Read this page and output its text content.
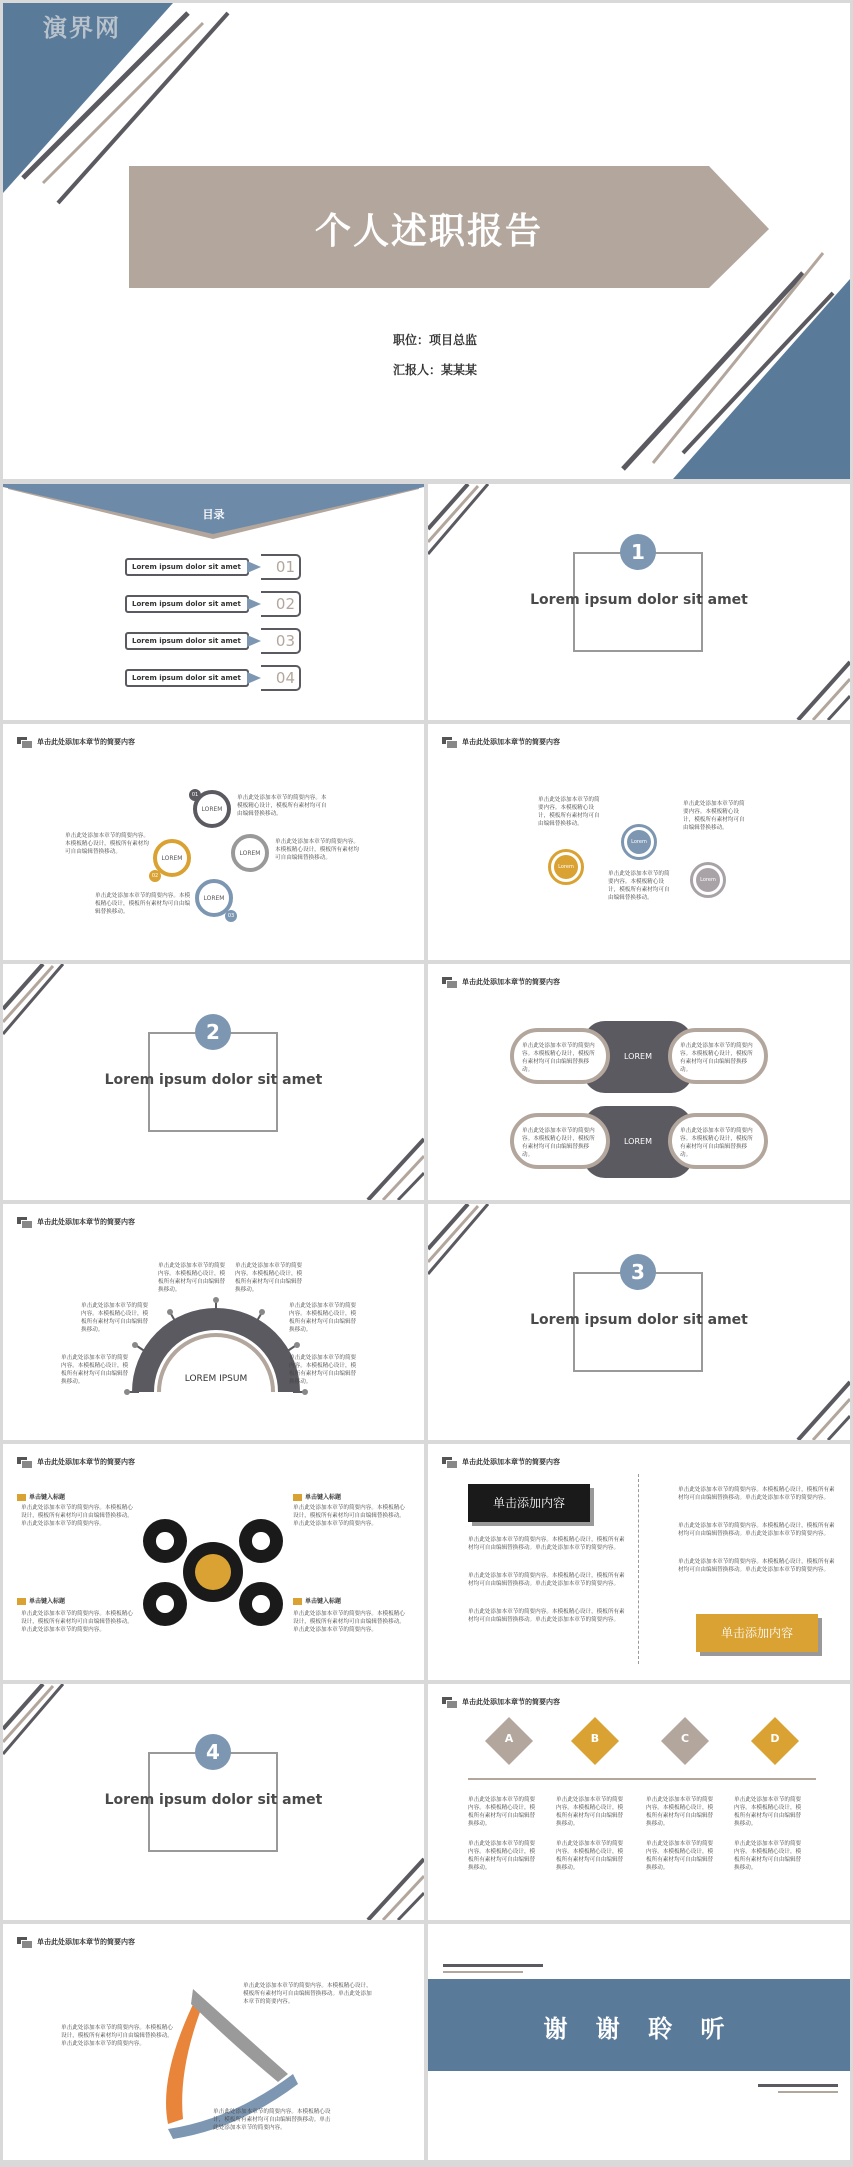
演界网
个人述职报告
职位：项目总监
汇报人：某某某
目录
Lorem ipsum dolor sit amet	01
Lorem ipsum dolor sit amet	02
Lorem ipsum dolor sit amet	03
Lorem ipsum dolor sit amet	04
1
Lorem ipsum dolor sit amet
单击此处添加本章节的简要内容
LOREM
LOREM
LOREM
LOREM
01
02
03
单击此处添加本章节的简要内容。本模板精心设计，模板所有素材均可自由编辑替换移动。
单击此处添加本章节的简要内容。本模板精心设计，模板所有素材均可自由编辑替换移动。
单击此处添加本章节的简要内容。本模板精心设计，模板所有素材均可自由编辑替换移动。
单击此处添加本章节的简要内容。本模板精心设计，模板所有素材均可自由编辑替换移动。
单击此处添加本章节的简要内容
单击此处添加本章节的简要内容。本模板精心设计，模板所有素材均可自由编辑替换移动。
单击此处添加本章节的简要内容。本模板精心设计，模板所有素材均可自由编辑替换移动。
单击此处添加本章节的简要内容。本模板精心设计，模板所有素材均可自由编辑替换移动。
Lorem
Lorem
Lorem
2
Lorem ipsum dolor sit amet
单击此处添加本章节的简要内容
LOREM
LOREM
单击此处添加本章节的简要内容。本模板精心设计，模板所有素材均可自由编辑替换移动。
单击此处添加本章节的简要内容。本模板精心设计，模板所有素材均可自由编辑替换移动。
单击此处添加本章节的简要内容。本模板精心设计，模板所有素材均可自由编辑替换移动。
单击此处添加本章节的简要内容。本模板精心设计，模板所有素材均可自由编辑替换移动。
单击此处添加本章节的简要内容
LOREM IPSUM
单击此处添加本章节的简要内容。本模板精心设计，模板所有素材均可自由编辑替换移动。
单击此处添加本章节的简要内容。本模板精心设计，模板所有素材均可自由编辑替换移动。
单击此处添加本章节的简要内容。本模板精心设计，模板所有素材均可自由编辑替换移动。
单击此处添加本章节的简要内容。本模板精心设计，模板所有素材均可自由编辑替换移动。
单击此处添加本章节的简要内容。本模板精心设计，模板所有素材均可自由编辑替换移动。
单击此处添加本章节的简要内容。本模板精心设计，模板所有素材均可自由编辑替换移动。
3
Lorem ipsum dolor sit amet
单击此处添加本章节的简要内容
单击键入标题	单击键入标题
单击键入标题	单击键入标题
单击此处添加本章节的简要内容。本模板精心设计，模板所有素材均可自由编辑替换移动。单击此处添加本章节的简要内容。
单击此处添加本章节的简要内容。本模板精心设计，模板所有素材均可自由编辑替换移动。单击此处添加本章节的简要内容。
单击此处添加本章节的简要内容。本模板精心设计，模板所有素材均可自由编辑替换移动。单击此处添加本章节的简要内容。
单击此处添加本章节的简要内容。本模板精心设计，模板所有素材均可自由编辑替换移动。单击此处添加本章节的简要内容。
单击此处添加本章节的简要内容
单击添加内容
单击添加内容
单击此处添加本章节的简要内容。本模板精心设计，模板所有素材均可自由编辑替换移动。单击此处添加本章节的简要内容。
单击此处添加本章节的简要内容。本模板精心设计，模板所有素材均可自由编辑替换移动。单击此处添加本章节的简要内容。
单击此处添加本章节的简要内容。本模板精心设计，模板所有素材均可自由编辑替换移动。单击此处添加本章节的简要内容。
单击此处添加本章节的简要内容。本模板精心设计，模板所有素材均可自由编辑替换移动。单击此处添加本章节的简要内容。
单击此处添加本章节的简要内容。本模板精心设计，模板所有素材均可自由编辑替换移动。单击此处添加本章节的简要内容。
单击此处添加本章节的简要内容。本模板精心设计，模板所有素材均可自由编辑替换移动。单击此处添加本章节的简要内容。
4
Lorem ipsum dolor sit amet
单击此处添加本章节的简要内容
A	B	C	D
单击此处添加本章节的简要内容。本模板精心设计，模板所有素材均可自由编辑替换移动。
单击此处添加本章节的简要内容。本模板精心设计，模板所有素材均可自由编辑替换移动。
单击此处添加本章节的简要内容。本模板精心设计，模板所有素材均可自由编辑替换移动。
单击此处添加本章节的简要内容。本模板精心设计，模板所有素材均可自由编辑替换移动。
单击此处添加本章节的简要内容。本模板精心设计，模板所有素材均可自由编辑替换移动。
单击此处添加本章节的简要内容。本模板精心设计，模板所有素材均可自由编辑替换移动。
单击此处添加本章节的简要内容。本模板精心设计，模板所有素材均可自由编辑替换移动。
单击此处添加本章节的简要内容。本模板精心设计，模板所有素材均可自由编辑替换移动。
单击此处添加本章节的简要内容
单击此处添加本章节的简要内容。本模板精心设计，模板所有素材均可自由编辑替换移动。单击此处添加本章节的简要内容。
单击此处添加本章节的简要内容。本模板精心设计，模板所有素材均可自由编辑替换移动。单击此处添加本章节的简要内容。
单击此处添加本章节的简要内容。本模板精心设计，模板所有素材均可自由编辑替换移动。单击此处添加本章节的简要内容。
谢 谢 聆 听
